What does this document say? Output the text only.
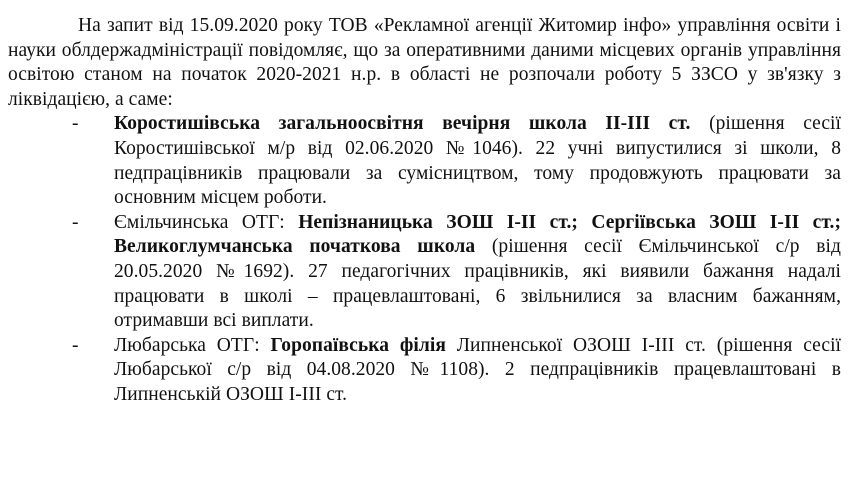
На запит від 15.09.2020 року ТОВ «Рекламної агенції Житомир інфо» управління освіти і науки облдержадміністрації повідомляє, що за оперативними даними місцевих органів управління освітою станом на початок 2020-2021 н.р. в області не розпочали роботу 5 ЗЗСО у зв'язку з ліквідацією, а саме:

-	Коростишівська загальноосвітня вечірня школа ІІ-ІІІ ст. (рішення сесії Коростишівської м/р від 02.06.2020 №1046). 22 учні випустилися зі школи, 8 педпрацівників працювали за сумісництвом, тому продовжують працювати за основним місцем роботи.
-	Ємільчинська ОТГ: Непізнаницька ЗОШ І-ІІ ст.; Сергіївська ЗОШ І-ІІ ст.; Великоглумчанська початкова школа (рішення сесії Ємільчинської с/р від 20.05.2020 №1692). 27 педагогічних працівників, які виявили бажання надалі працювати в школі – працевлаштовані, 6 звільнилися за власним бажанням, отримавши всі виплати.
-	Любарська ОТГ: Горопаївська філія Липненської ОЗОШ І-ІІІ ст. (рішення сесії Любарської с/р від 04.08.2020 №1108). 2 педпрацівників працевлаштовані в Липненській ОЗОШ І-ІІІ ст.
